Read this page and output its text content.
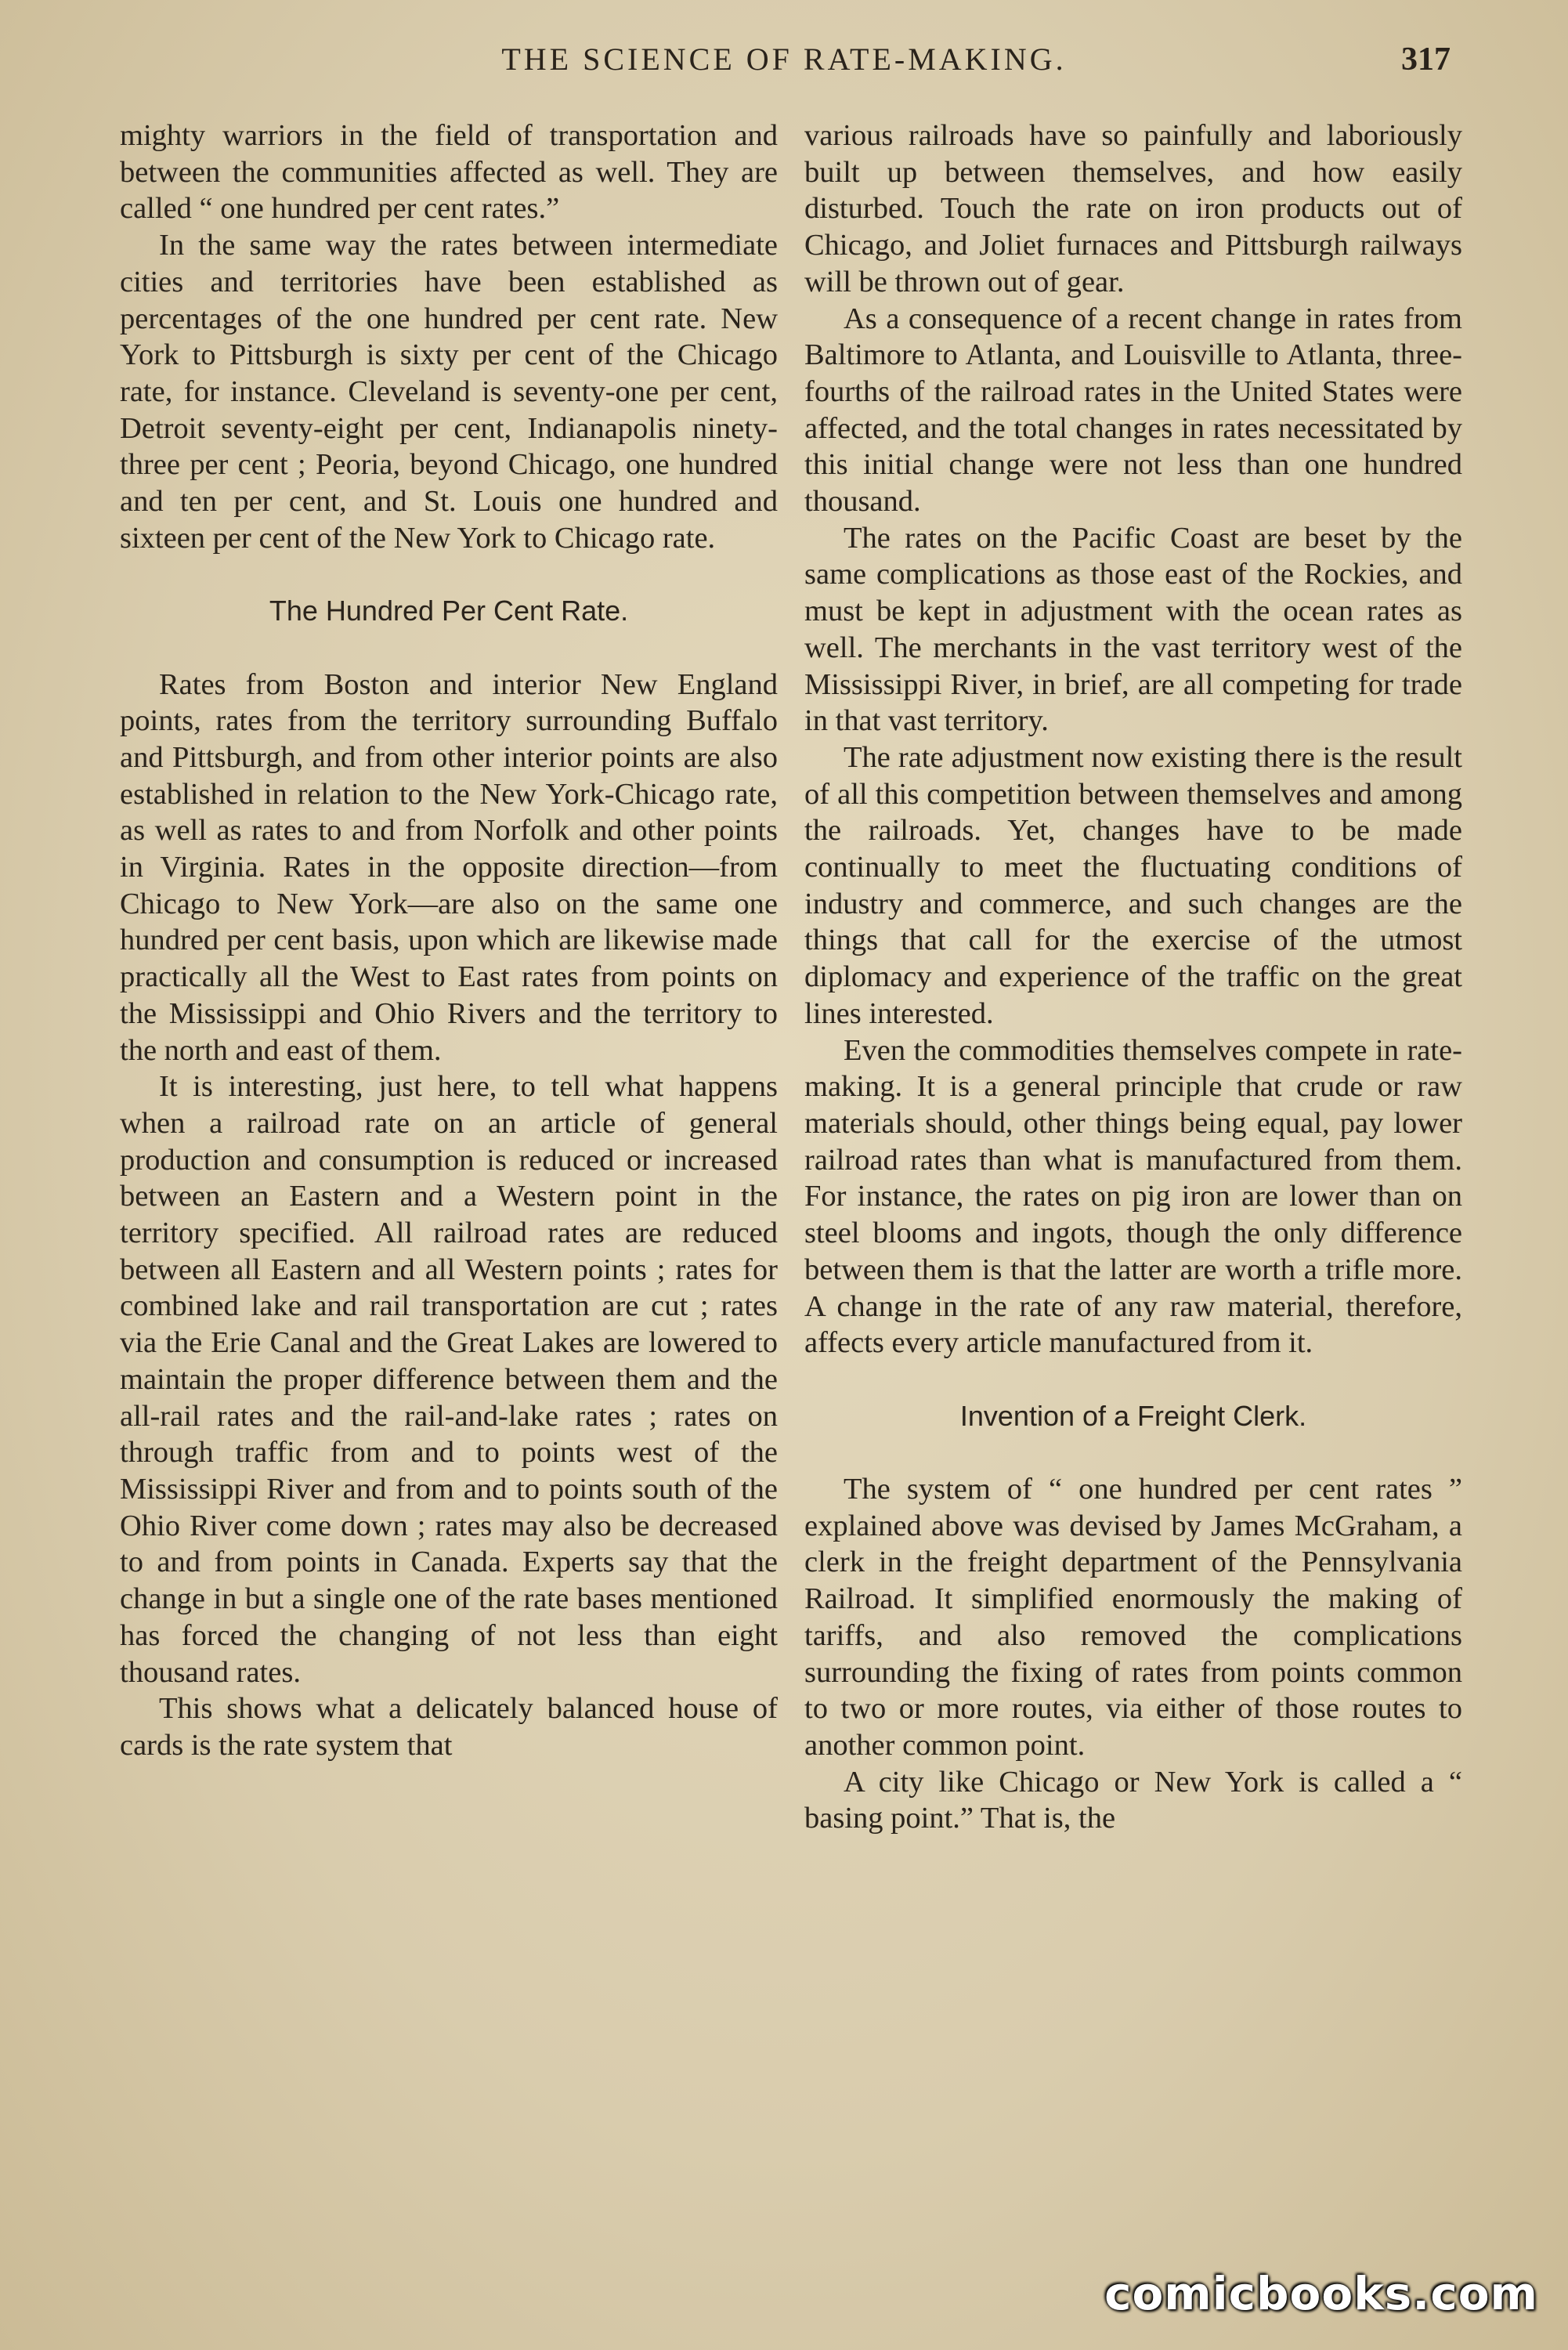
THE SCIENCE OF RATE-MAKING.	317

mighty warriors in the field of transportation and between the communities affected as well. They are called “ one hundred per cent rates.”

In the same way the rates between intermediate cities and territories have been established as percentages of the one hundred per cent rate. New York to Pittsburgh is sixty per cent of the Chicago rate, for instance. Cleveland is seventy-one per cent, Detroit seventy-eight per cent, Indianapolis ninety-three per cent ; Peoria, beyond Chicago, one hundred and ten per cent, and St. Louis one hundred and sixteen per cent of the New York to Chicago rate.

The Hundred Per Cent Rate.

Rates from Boston and interior New England points, rates from the territory surrounding Buffalo and Pittsburgh, and from other interior points are also established in relation to the New York-Chicago rate, as well as rates to and from Norfolk and other points in Virginia. Rates in the opposite direction—from Chicago to New York—are also on the same one hundred per cent basis, upon which are likewise made practically all the West to East rates from points on the Mississippi and Ohio Rivers and the territory to the north and east of them.

It is interesting, just here, to tell what happens when a railroad rate on an article of general production and consumption is reduced or increased between an Eastern and a Western point in the territory specified. All railroad rates are reduced between all Eastern and all Western points ; rates for combined lake and rail transportation are cut ; rates via the Erie Canal and the Great Lakes are lowered to maintain the proper difference between them and the all-rail rates and the rail-and-lake rates ; rates on through traffic from and to points west of the Mississippi River and from and to points south of the Ohio River come down ; rates may also be decreased to and from points in Canada. Experts say that the change in but a single one of the rate bases mentioned has forced the changing of not less than eight thousand rates.

This shows what a delicately balanced house of cards is the rate system that

various railroads have so painfully and laboriously built up between themselves, and how easily disturbed. Touch the rate on iron products out of Chicago, and Joliet furnaces and Pittsburgh railways will be thrown out of gear.

As a consequence of a recent change in rates from Baltimore to Atlanta, and Louisville to Atlanta, three-fourths of the railroad rates in the United States were affected, and the total changes in rates necessitated by this initial change were not less than one hundred thousand.

The rates on the Pacific Coast are beset by the same complications as those east of the Rockies, and must be kept in adjustment with the ocean rates as well. The merchants in the vast territory west of the Mississippi River, in brief, are all competing for trade in that vast territory.

The rate adjustment now existing there is the result of all this competition between themselves and among the railroads. Yet, changes have to be made continually to meet the fluctuating conditions of industry and commerce, and such changes are the things that call for the exercise of the utmost diplomacy and experience of the traffic on the great lines interested.

Even the commodities themselves compete in rate-making. It is a general principle that crude or raw materials should, other things being equal, pay lower railroad rates than what is manufactured from them. For instance, the rates on pig iron are lower than on steel blooms and ingots, though the only difference between them is that the latter are worth a trifle more. A change in the rate of any raw material, therefore, affects every article manufactured from it.

Invention of a Freight Clerk.

The system of “ one hundred per cent rates ” explained above was devised by James McGraham, a clerk in the freight department of the Pennsylvania Railroad. It simplified enormously the making of tariffs, and also removed the complications surrounding the fixing of rates from points common to two or more routes, via either of those routes to another common point.

A city like Chicago or New York is called a “ basing point.” That is, the

comicbooks.com
